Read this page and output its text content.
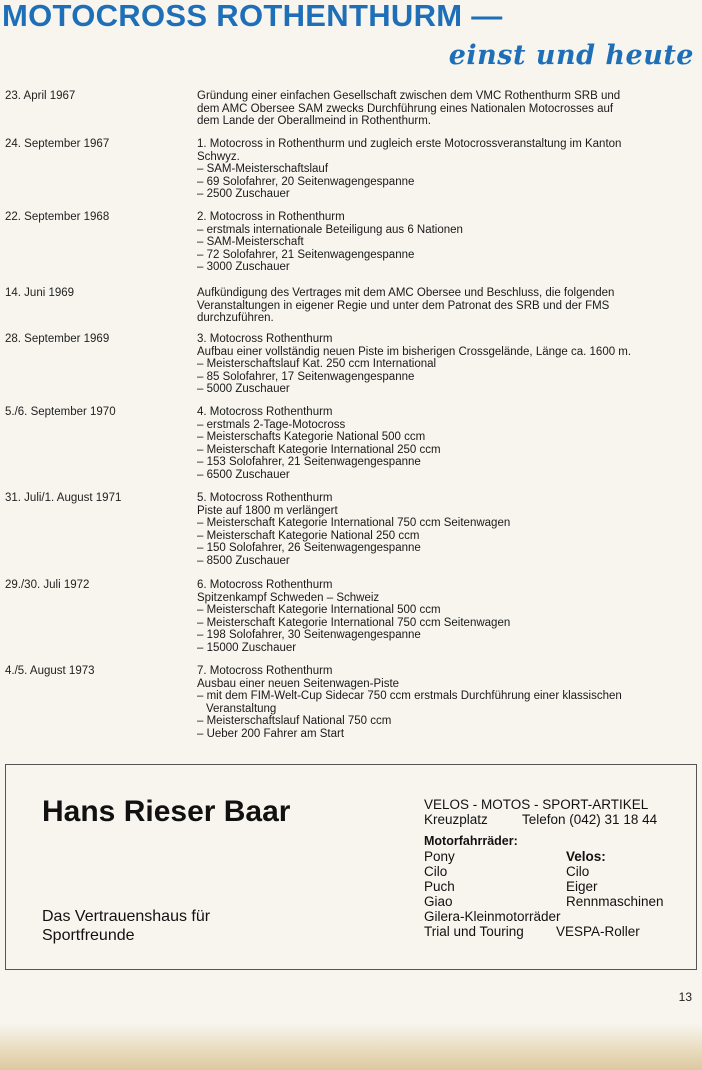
MOTOCROSS ROTHENTHURM —
einst und heute
23. April 1967	Gründung einer einfachen Gesellschaft zwischen dem VMC Rothenthurm SRB und
dem AMC Obersee SAM zwecks Durchführung eines Nationalen Motocrosses auf
dem Lande der Oberallmeind in Rothenthurm.
24. September 1967	1. Motocross in Rothenthurm und zugleich erste Motocrossveranstaltung im Kanton
Schwyz.
– SAM-Meisterschaftslauf
– 69 Solofahrer, 20 Seitenwagengespanne
– 2500 Zuschauer
22. September 1968	2. Motocross in Rothenthurm
– erstmals internationale Beteiligung aus 6 Nationen
– SAM-Meisterschaft
– 72 Solofahrer, 21 Seitenwagengespanne
– 3000 Zuschauer
14. Juni 1969	Aufkündigung des Vertrages mit dem AMC Obersee und Beschluss, die folgenden
Veranstaltungen in eigener Regie und unter dem Patronat des SRB und der FMS
durchzuführen.
28. September 1969	3. Motocross Rothenthurm
Aufbau einer vollständig neuen Piste im bisherigen Crossgelände, Länge ca. 1600 m.
– Meisterschaftslauf Kat. 250 ccm International
– 85 Solofahrer, 17 Seitenwagengespanne
– 5000 Zuschauer
5./6. September 1970	4. Motocross Rothenthurm
– erstmals 2-Tage-Motocross
– Meisterschafts Kategorie National 500 ccm
– Meisterschaft Kategorie International 250 ccm
– 153 Solofahrer, 21 Seitenwagengespanne
– 6500 Zuschauer
31. Juli/1. August 1971	5. Motocross Rothenthurm
Piste auf 1800 m verlängert
– Meisterschaft Kategorie International 750 ccm Seitenwagen
– Meisterschaft Kategorie National 250 ccm
– 150 Solofahrer, 26 Seitenwagengespanne
– 8500 Zuschauer
29./30. Juli 1972	6. Motocross Rothenthurm
Spitzenkampf Schweden – Schweiz
– Meisterschaft Kategorie International 500 ccm
– Meisterschaft Kategorie International 750 ccm Seitenwagen
– 198 Solofahrer, 30 Seitenwagengespanne
– 15000 Zuschauer
4./5. August 1973	7. Motocross Rothenthurm
Ausbau einer neuen Seitenwagen-Piste
– mit dem FIM-Welt-Cup Sidecar 750 ccm erstmals Durchführung einer klassischen
Veranstaltung
– Meisterschaftslauf National 750 ccm
– Ueber 200 Fahrer am Start
Hans Rieser Baar
Das Vertrauenshaus für
Sportfreunde
VELOS - MOTOS - SPORT-ARTIKEL
Kreuzplatz	Telefon (042) 31 18 44
Motorfahrräder:
Pony
Cilo
Puch
Giao
Velos:
Cilo
Eiger
Rennmaschinen
Gilera-Kleinmotorräder
Trial und Touring VESPA-Roller
13
